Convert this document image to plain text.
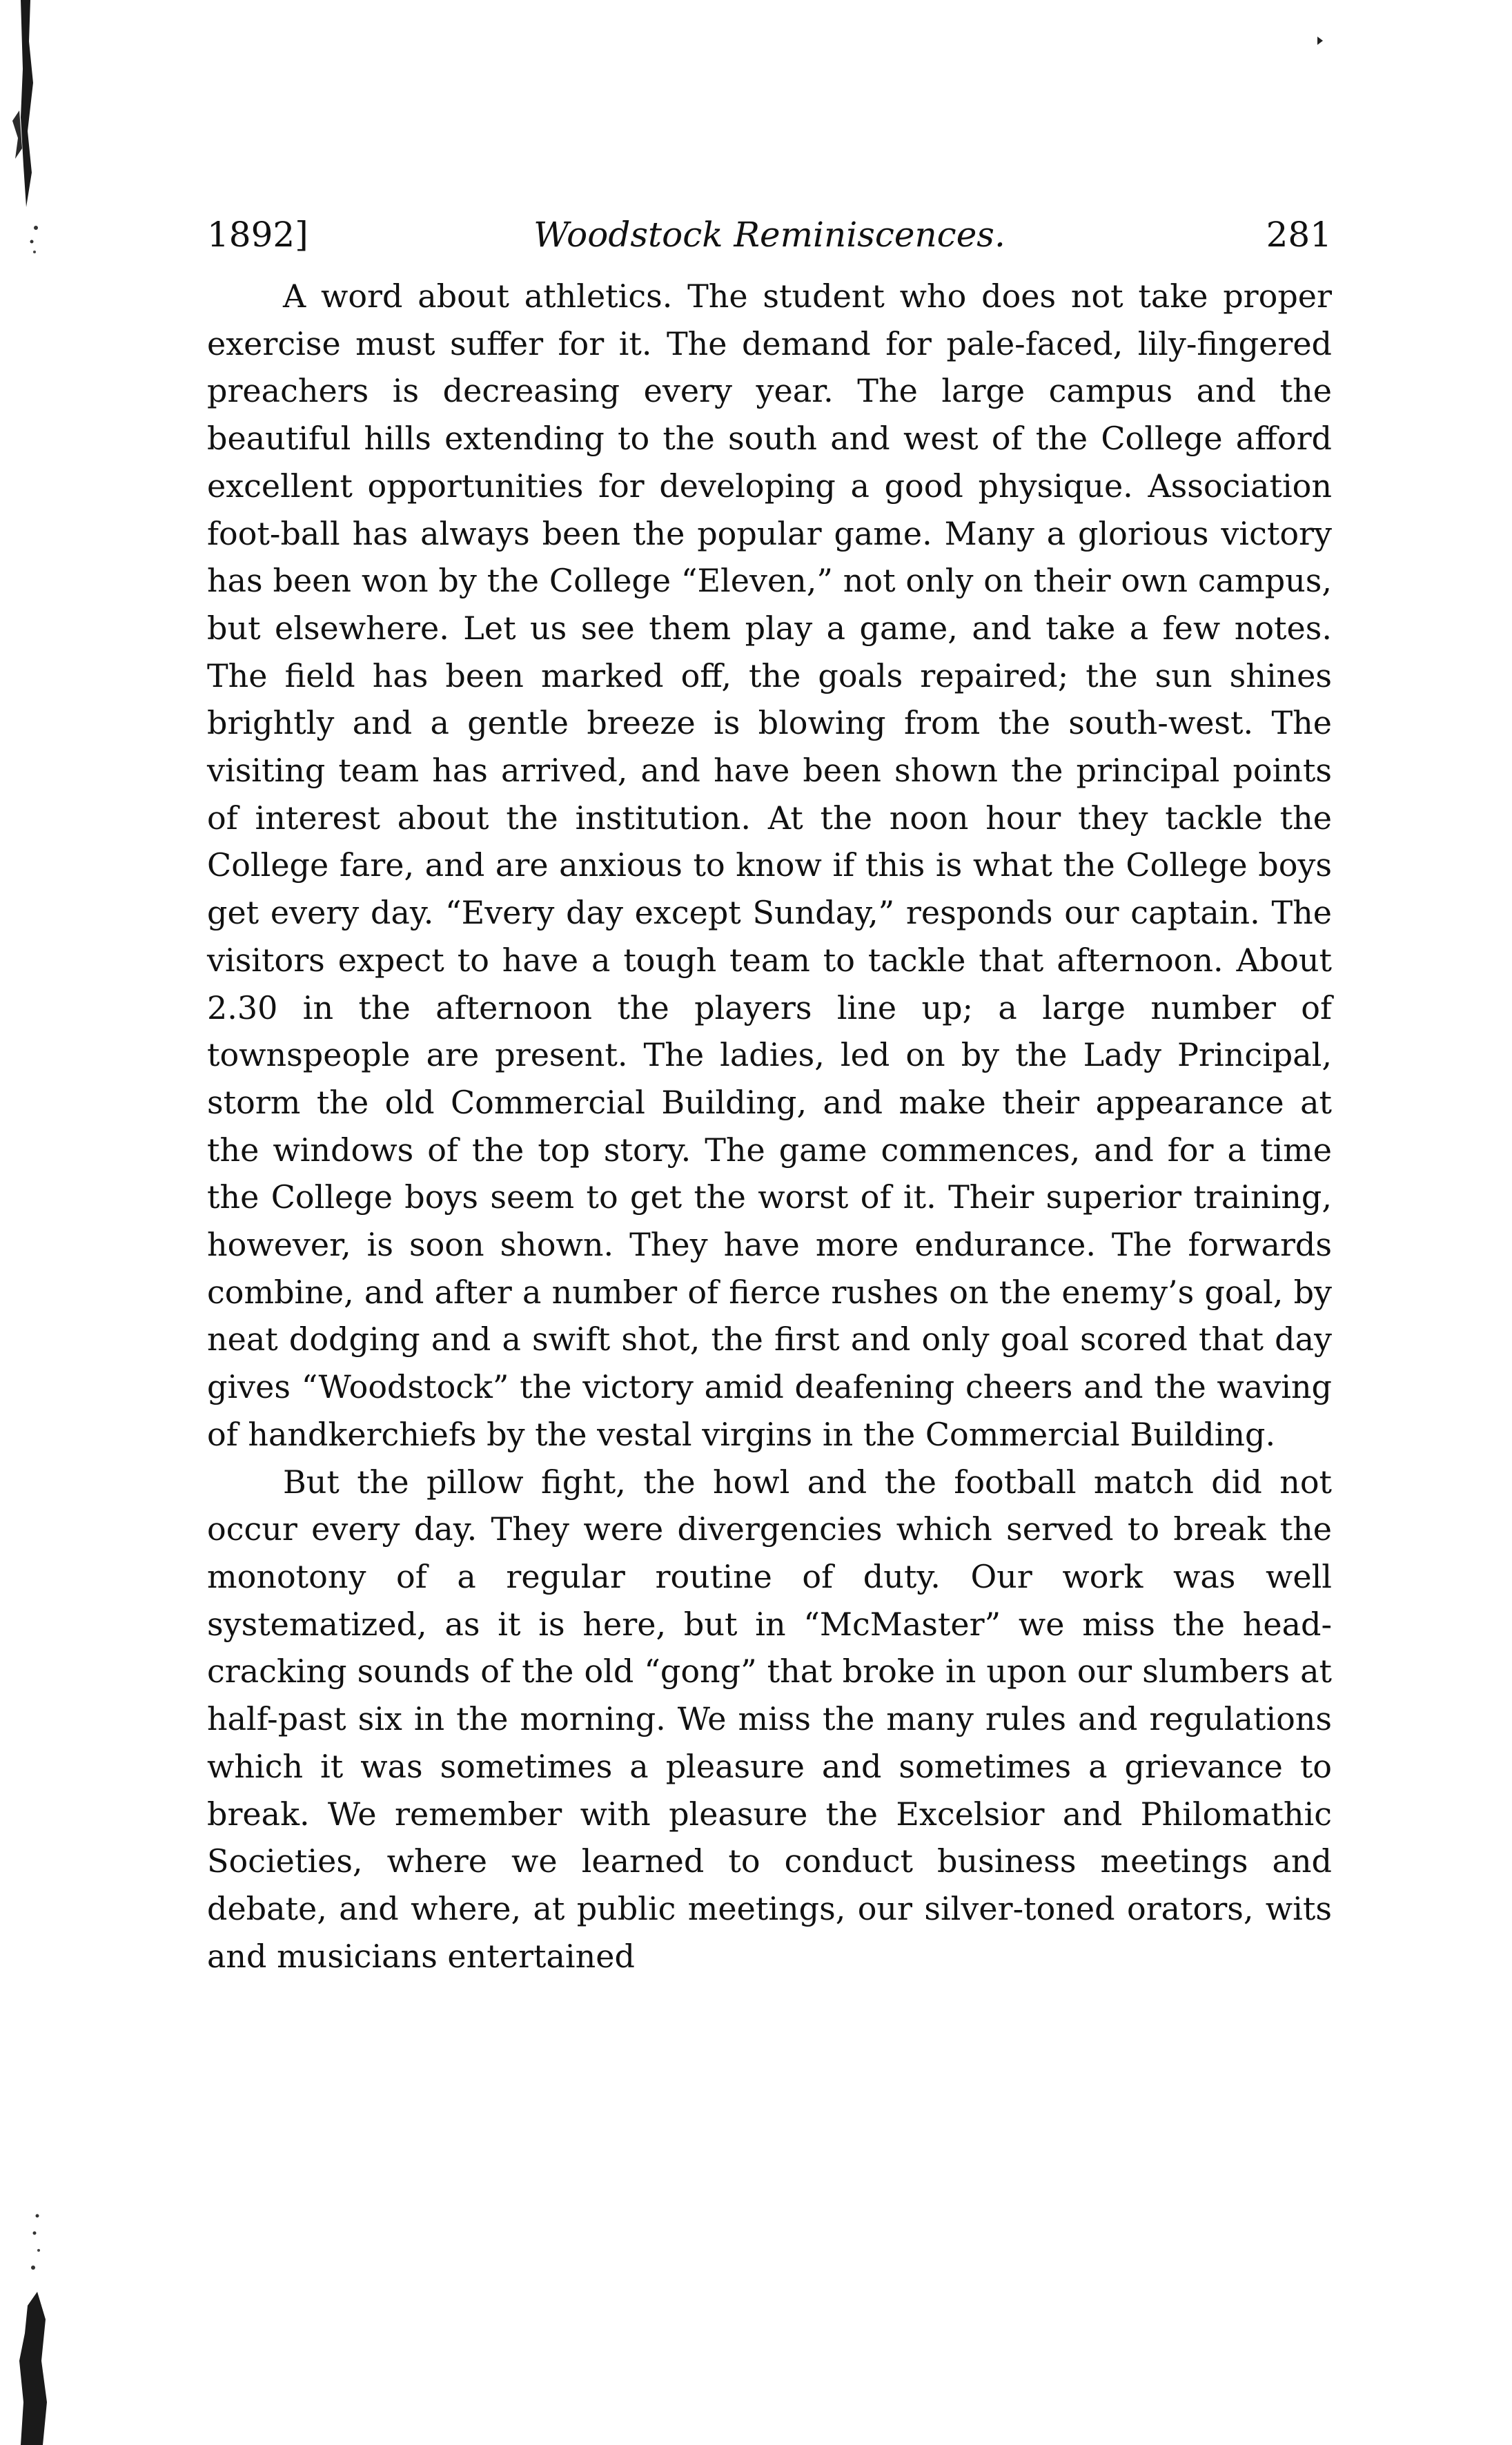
1892]	Woodstock Reminiscences.	281

A word about athletics. The student who does not take proper exercise must suffer for it. The demand for pale-faced, lily-fingered preachers is decreasing every year. The large campus and the beautiful hills extending to the south and west of the College afford excellent opportunities for developing a good physique. Association foot-ball has always been the popular game. Many a glorious victory has been won by the College “Eleven,” not only on their own campus, but elsewhere. Let us see them play a game, and take a few notes. The field has been marked off, the goals repaired; the sun shines brightly and a gentle breeze is blowing from the south-west. The visiting team has arrived, and have been shown the principal points of interest about the institution. At the noon hour they tackle the College fare, and are anxious to know if this is what the College boys get every day. “Every day except Sunday,” responds our captain. The visitors expect to have a tough team to tackle that afternoon. About 2.30 in the afternoon the players line up; a large number of townspeople are present. The ladies, led on by the Lady Principal, storm the old Commercial Building, and make their appearance at the windows of the top story. The game commences, and for a time the College boys seem to get the worst of it. Their superior training, however, is soon shown. They have more endurance. The forwards combine, and after a number of fierce rushes on the enemy’s goal, by neat dodging and a swift shot, the first and only goal scored that day gives “Woodstock” the victory amid deafening cheers and the waving of handkerchiefs by the vestal virgins in the Commercial Building.

But the pillow fight, the howl and the football match did not occur every day. They were divergencies which served to break the monotony of a regular routine of duty. Our work was well systematized, as it is here, but in “McMaster” we miss the head-cracking sounds of the old “gong” that broke in upon our slumbers at half-past six in the morning. We miss the many rules and regulations which it was sometimes a pleasure and sometimes a grievance to break. We remember with pleasure the Excelsior and Philomathic Societies, where we learned to conduct business meetings and debate, and where, at public meetings, our silver-toned orators, wits and musicians entertained
